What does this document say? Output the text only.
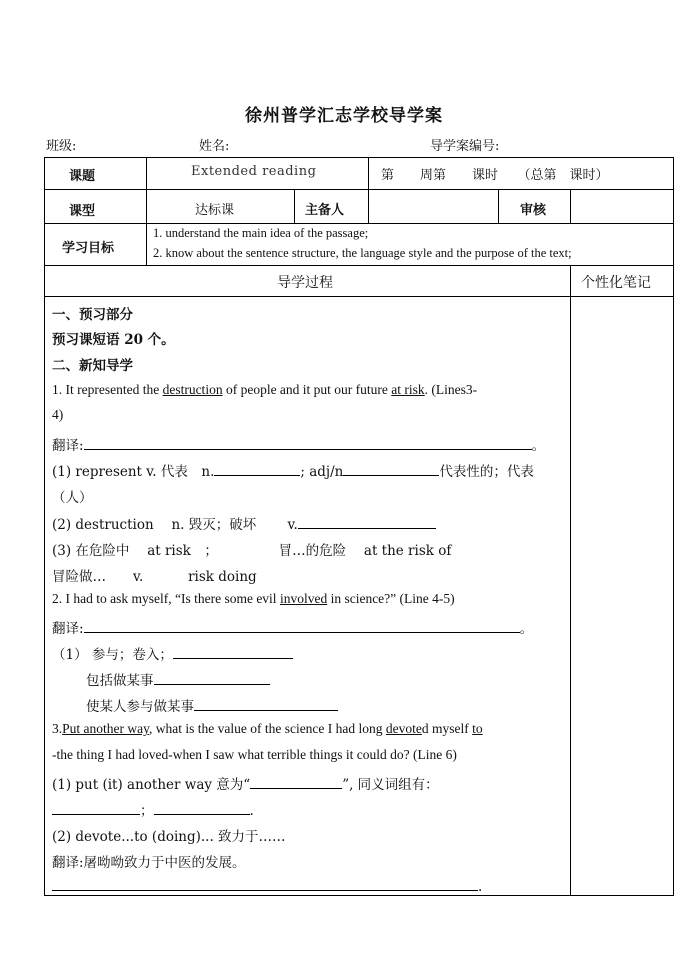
徐州普学汇志学校导学案
班级:	姓名:	导学案编号:
课题	Extended reading	第　　周第　　课时　　（总第　课时）
课型	达标课	主备人	审核
学习目标
1. understand the main idea of the passage;
2. know about the sentence structure, the language style and the purpose of the text;
导学过程	个性化笔记
一、预习部分
预习课短语 20 个。
二、新知导学
1. It represented the destruction of people and it put our future at risk. (Lines3-
4)
翻译:	。
(1) represent v. 代表　n.	; adj/n	代表性的；代表
（人）
(2) destruction　 n. 毁灭；破坏　　 v.
(3) 在危险中　 at risk　；　　　　　冒…的危险　 at the risk of
冒险做…　　v.　　　 risk doing
2. I had to ask myself, “Is there some evil involved in science?” (Line 4-5)
翻译:	。
（1） 参与；卷入；
包括做某事
使某人参与做某事
3.Put another way, what is the value of the science I had long devoted myself to
-the thing I had loved-when I saw what terrible things it could do? (Line 6)
(1) put (it) another way 意为“	”, 同义词组有：
；	.
(2) devote...to (doing)... 致力于……
翻译:屠呦呦致力于中医的发展。
.
